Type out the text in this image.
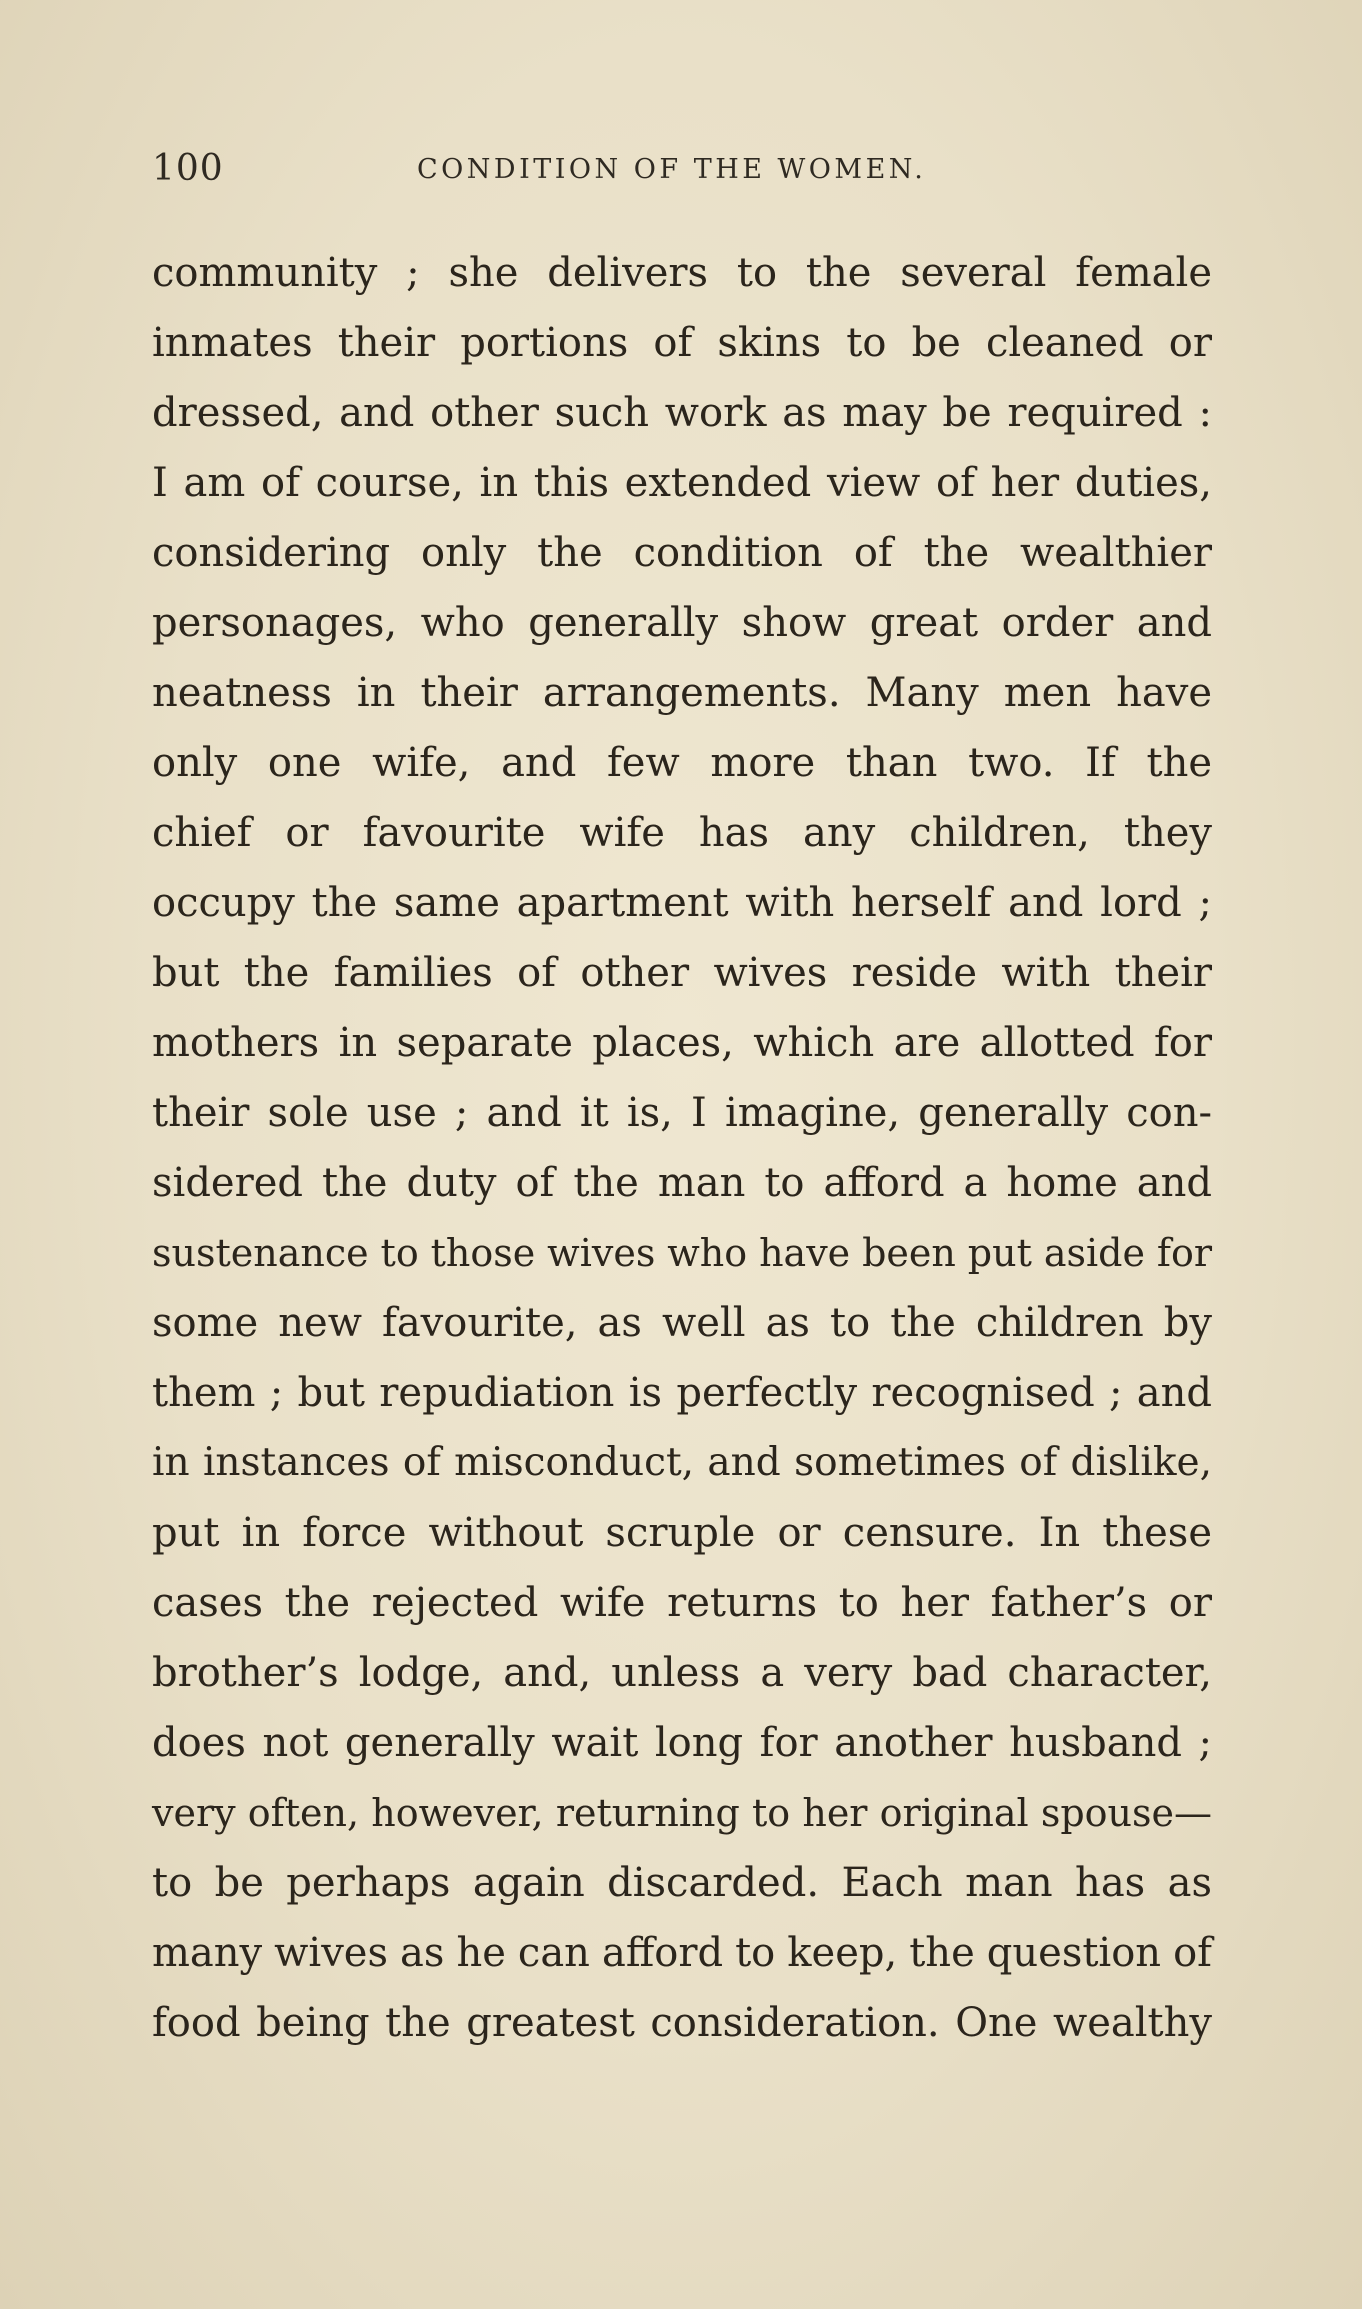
100	CONDITION OF THE WOMEN.
community ; she delivers to the several female
inmates their portions of skins to be cleaned or
dressed, and other such work as may be required :
I am of course, in this extended view of her duties,
considering only the condition of the wealthier
personages, who generally show great order and
neatness in their arrangements. Many men have
only one wife, and few more than two. If the
chief or favourite wife has any children, they
occupy the same apartment with herself and lord ;
but the families of other wives reside with their
mothers in separate places, which are allotted for
their sole use ; and it is, I imagine, generally con-
sidered the duty of the man to afford a home and
sustenance to those wives who have been put aside for
some new favourite, as well as to the children by
them ; but repudiation is perfectly recognised ; and
in instances of misconduct, and sometimes of dislike,
put in force without scruple or censure. In these
cases the rejected wife returns to her father’s or
brother’s lodge, and, unless a very bad character,
does not generally wait long for another husband ;
very often, however, returning to her original spouse—
to be perhaps again discarded. Each man has as
many wives as he can afford to keep, the question of
food being the greatest consideration. One wealthy
